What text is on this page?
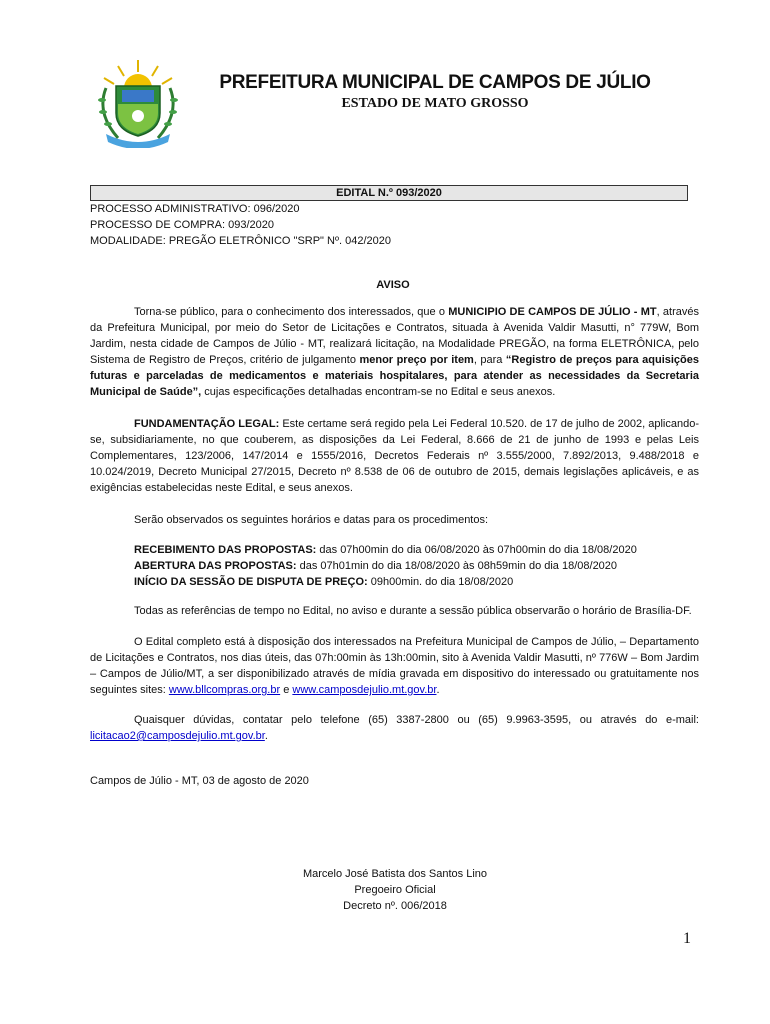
PREFEITURA MUNICIPAL DE CAMPOS DE JÚLIO
ESTADO DE MATO GROSSO
EDITAL N.º 093/2020
PROCESSO ADMINISTRATIVO: 096/2020
PROCESSO DE COMPRA: 093/2020
MODALIDADE: PREGÃO ELETRÔNICO "SRP" Nº. 042/2020
AVISO
Torna-se público, para o conhecimento dos interessados, que o MUNICIPIO DE CAMPOS DE JÚLIO - MT, através da Prefeitura Municipal, por meio do Setor de Licitações e Contratos, situada à Avenida Valdir Masutti, n° 779W, Bom Jardim, nesta cidade de Campos de Júlio - MT, realizará licitação, na Modalidade PREGÃO, na forma ELETRÔNICA, pelo Sistema de Registro de Preços, critério de julgamento menor preço por item, para “Registro de preços para aquisições futuras e parceladas de medicamentos e materiais hospitalares, para atender as necessidades da Secretaria Municipal de Saúde”, cujas especificações detalhadas encontram-se no Edital e seus anexos.
FUNDAMENTAÇÃO LEGAL: Este certame será regido pela Lei Federal 10.520. de 17 de julho de 2002, aplicando-se, subsidiariamente, no que couberem, as disposições da Lei Federal, 8.666 de 21 de junho de 1993 e pelas Leis Complementares, 123/2006, 147/2014 e 1555/2016, Decretos Federais nº 3.555/2000, 7.892/2013, 9.488/2018 e 10.024/2019, Decreto Municipal 27/2015, Decreto nº 8.538 de 06 de outubro de 2015, demais legislações aplicáveis, e as exigências estabelecidas neste Edital, e seus anexos.
Serão observados os seguintes horários e datas para os procedimentos:
RECEBIMENTO DAS PROPOSTAS: das 07h00min do dia 06/08/2020 às 07h00min do dia 18/08/2020
ABERTURA DAS PROPOSTAS: das 07h01min do dia 18/08/2020 às 08h59min do dia 18/08/2020
INÍCIO DA SESSÃO DE DISPUTA DE PREÇO: 09h00min. do dia 18/08/2020
Todas as referências de tempo no Edital, no aviso e durante a sessão pública observarão o horário de Brasília-DF.
O Edital completo está à disposição dos interessados na Prefeitura Municipal de Campos de Júlio, – Departamento de Licitações e Contratos, nos dias úteis, das 07h:00min às 13h:00min, sito à Avenida Valdir Masutti, nº 776W – Bom Jardim – Campos de Júlio/MT, a ser disponibilizado através de mídia gravada em dispositivo do interessado ou gratuitamente nos seguintes sites: www.bllcompras.org.br e www.camposdejulio.mt.gov.br.
Quaisquer dúvidas, contatar pelo telefone (65) 3387-2800 ou (65) 9.9963-3595, ou através do e-mail: licitacao2@camposdejulio.mt.gov.br.
Campos de Júlio - MT, 03 de agosto de 2020
Marcelo José Batista dos Santos Lino
Pregoeiro Oficial
Decreto nº. 006/2018
1
